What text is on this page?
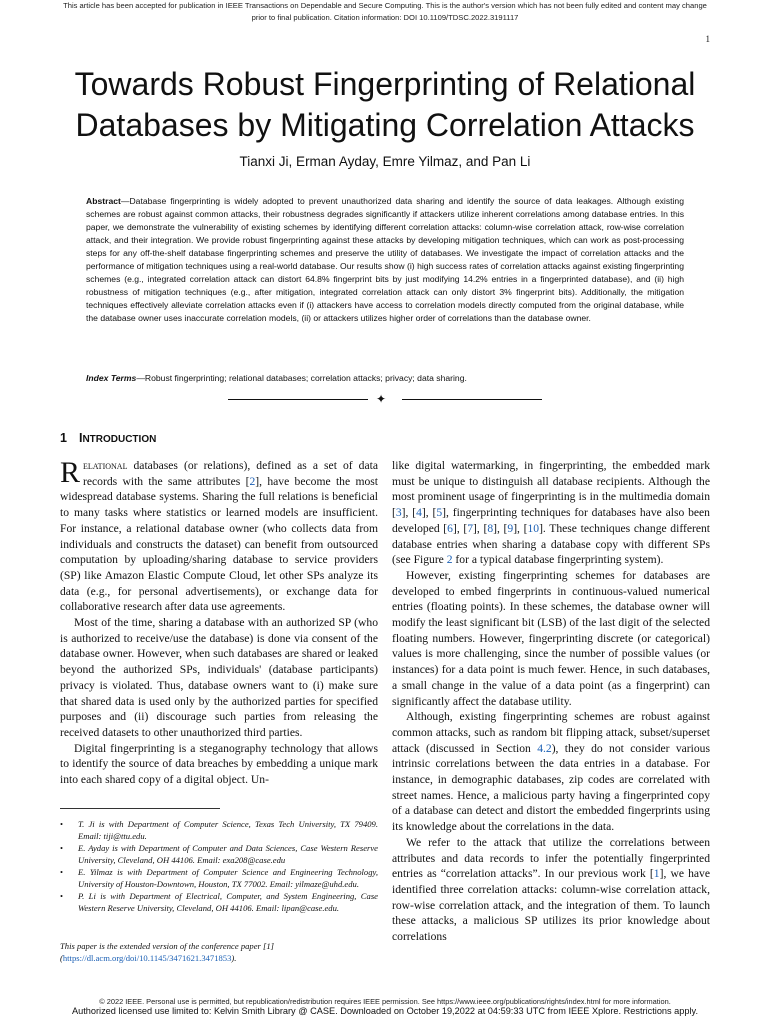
This article has been accepted for publication in IEEE Transactions on Dependable and Secure Computing. This is the author's version which has not been fully edited and content may change prior to final publication. Citation information: DOI 10.1109/TDSC.2022.3191117
1
Towards Robust Fingerprinting of Relational Databases by Mitigating Correlation Attacks
Tianxi Ji, Erman Ayday, Emre Yilmaz, and Pan Li

Abstract—Database fingerprinting is widely adopted to prevent unauthorized data sharing and identify the source of data leakages. Although existing schemes are robust against common attacks, their robustness degrades significantly if attackers utilize inherent correlations among database entries. In this paper, we demonstrate the vulnerability of existing schemes by identifying different correlation attacks: column-wise correlation attack, row-wise correlation attack, and their integration. We provide robust fingerprinting against these attacks by developing mitigation techniques, which can work as post-processing steps for any off-the-shelf database fingerprinting schemes and preserve the utility of databases. We investigate the impact of correlation attacks and the performance of mitigation techniques using a real-world database. Our results show (i) high success rates of correlation attacks against existing fingerprinting schemes (e.g., integrated correlation attack can distort 64.8% fingerprint bits by just modifying 14.2% entries in a fingerprinted database), and (ii) high robustness of mitigation techniques (e.g., after mitigation, integrated correlation attack can only distort 3% fingerprint bits). Additionally, the mitigation techniques effectively alleviate correlation attacks even if (i) attackers have access to correlation models directly computed from the original database, while the database owner uses inaccurate correlation models, (ii) or attackers utilizes higher order of correlations than the database owner.

Index Terms—Robust fingerprinting; relational databases; correlation attacks; privacy; data sharing.

✦
1 INTRODUCTION

Relational databases (or relations), defined as a set of data records with the same attributes [2], have become the most widespread database systems. Sharing the full relations is beneficial to many tasks where statistics or learned models are insufficient. For instance, a relational database owner (who collects data from individuals and constructs the dataset) can benefit from outsourced computation by uploading/sharing database to service providers (SP) like Amazon Elastic Compute Cloud, let other SPs analyze its data (e.g., for personal advertisements), or exchange data for collaborative research after data use agreements.

Most of the time, sharing a database with an authorized SP (who is authorized to receive/use the database) is done via consent of the database owner. However, when such databases are shared or leaked beyond the authorized SPs, individuals' (database participants) privacy is violated. Thus, database owners want to (i) make sure that shared data is used only by the authorized parties for specified purposes and (ii) discourage such parties from releasing the received datasets to other unauthorized third parties.

Digital fingerprinting is a steganography technology that allows to identify the source of data breaches by embedding a unique mark into each shared copy of a digital object. Un-

• T. Ji is with Department of Computer Science, Texas Tech University, TX 79409. Email: tiji@ttu.edu.
• E. Ayday is with Department of Computer and Data Sciences, Case Western Reserve University, Cleveland, OH 44106. Email: exa208@case.edu
• E. Yilmaz is with Department of Computer Science and Engineering Technology, University of Houston-Downtown, Houston, TX 77002. Email: yilmaze@uhd.edu.
• P. Li is with Department of Electrical, Computer, and System Engineering, Case Western Reserve University, Cleveland, OH 44106. Email: lipan@case.edu.

This paper is the extended version of the conference paper [1] (https://dl.acm.org/doi/10.1145/3471621.3471853).

like digital watermarking, in fingerprinting, the embedded mark must be unique to distinguish all database recipients. Although the most prominent usage of fingerprinting is in the multimedia domain [3], [4], [5], fingerprinting techniques for databases have also been developed [6], [7], [8], [9], [10]. These techniques change different database entries when sharing a database copy with different SPs (see Figure 2 for a typical database fingerprinting system).

However, existing fingerprinting schemes for databases are developed to embed fingerprints in continuous-valued numerical entries (floating points). In these schemes, the database owner will modify the least significant bit (LSB) of the last digit of the selected floating numbers. However, fingerprinting discrete (or categorical) values is more challenging, since the number of possible values (or instances) for a data point is much fewer. Hence, in such databases, a small change in the value of a data point (as a fingerprint) can significantly affect the database utility.

Although, existing fingerprinting schemes are robust against common attacks, such as random bit flipping attack, subset/superset attack (discussed in Section 4.2), they do not consider various intrinsic correlations between the data entries in a database. For instance, in demographic databases, zip codes are correlated with street names. Hence, a malicious party having a fingerprinted copy of a database can detect and distort the embedded fingerprints using its knowledge about the correlations in the data.

We refer to the attack that utilize the correlations between attributes and data records to infer the potentially fingerprinted entries as “correlation attacks”. In our previous work [1], we have identified three correlation attacks: column-wise correlation attack, row-wise correlation attack, and the integration of them. To launch these attacks, a malicious SP utilizes its prior knowledge about correlations

© 2022 IEEE. Personal use is permitted, but republication/redistribution requires IEEE permission. See https://www.ieee.org/publications/rights/index.html for more information.
Authorized licensed use limited to: Kelvin Smith Library @ CASE. Downloaded on October 19,2022 at 04:59:33 UTC from IEEE Xplore. Restrictions apply.
